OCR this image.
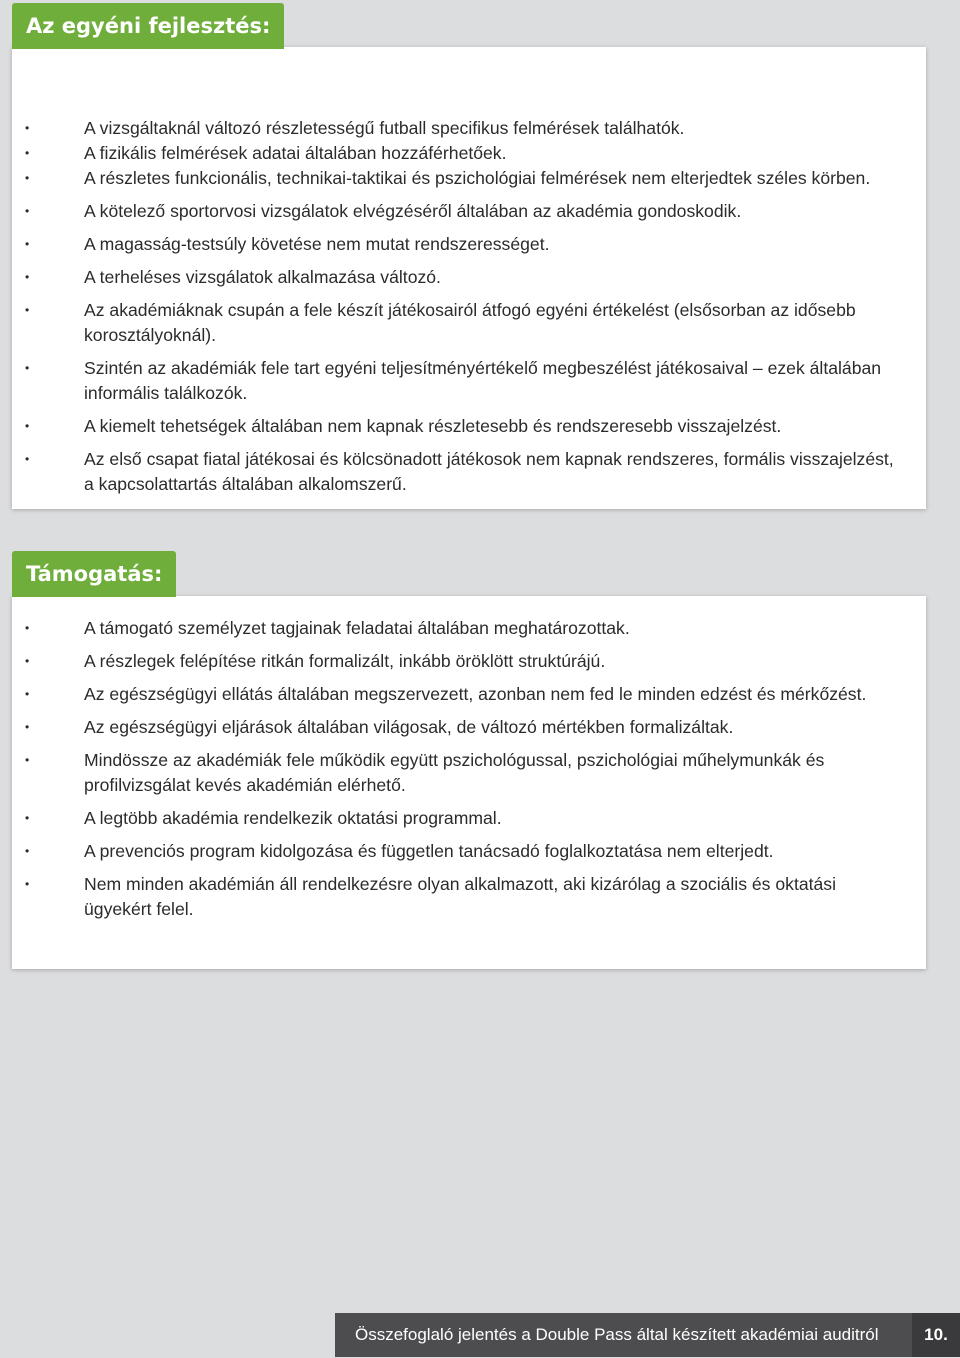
Az egyéni fejlesztés:
•	A vizsgáltaknál változó részletességű futball specifikus felmérések találhatók.
•	A fizikális felmérések adatai általában hozzáférhetőek.
•	A részletes funkcionális, technikai-taktikai és pszichológiai felmérések nem elterjedtek széles körben.
•	A kötelező sportorvosi vizsgálatok elvégzéséről általában az akadémia gondoskodik.
•	A magasság-testsúly követése nem mutat rendszerességet.
•	A terheléses vizsgálatok alkalmazása változó.
•	Az akadémiáknak csupán a fele készít játékosairól átfogó egyéni értékelést (elsősorban az idősebb korosztályoknál).
•	Szintén az akadémiák fele tart egyéni teljesítményértékelő megbeszélést játékosaival – ezek általában informális találkozók.
•	A kiemelt tehetségek általában nem kapnak részletesebb és rendszeresebb visszajelzést.
•	Az első csapat fiatal játékosai és kölcsönadott játékosok nem kapnak rendszeres, formális visszajelzést, a kapcsolattartás általában alkalomszerű.
Támogatás:
•	A támogató személyzet tagjainak feladatai általában meghatározottak.
•	A részlegek felépítése ritkán formalizált, inkább öröklött struktúrájú.
•	Az egészségügyi ellátás általában megszervezett, azonban nem fed le minden edzést és mérkőzést.
•	Az egészségügyi eljárások általában világosak, de változó mértékben formalizáltak.
•	Mindössze az akadémiák fele működik együtt pszichológussal, pszichológiai műhelymunkák és profilvizsgálat kevés akadémián elérhető.
•	A legtöbb akadémia rendelkezik oktatási programmal.
•	A prevenciós program kidolgozása és független tanácsadó foglalkoztatása nem elterjedt.
•	Nem minden akadémián áll rendelkezésre olyan alkalmazott, aki kizárólag a szociális és oktatási ügyekért felel.
Összefoglaló jelentés a Double Pass által készített akadémiai auditról	10.
